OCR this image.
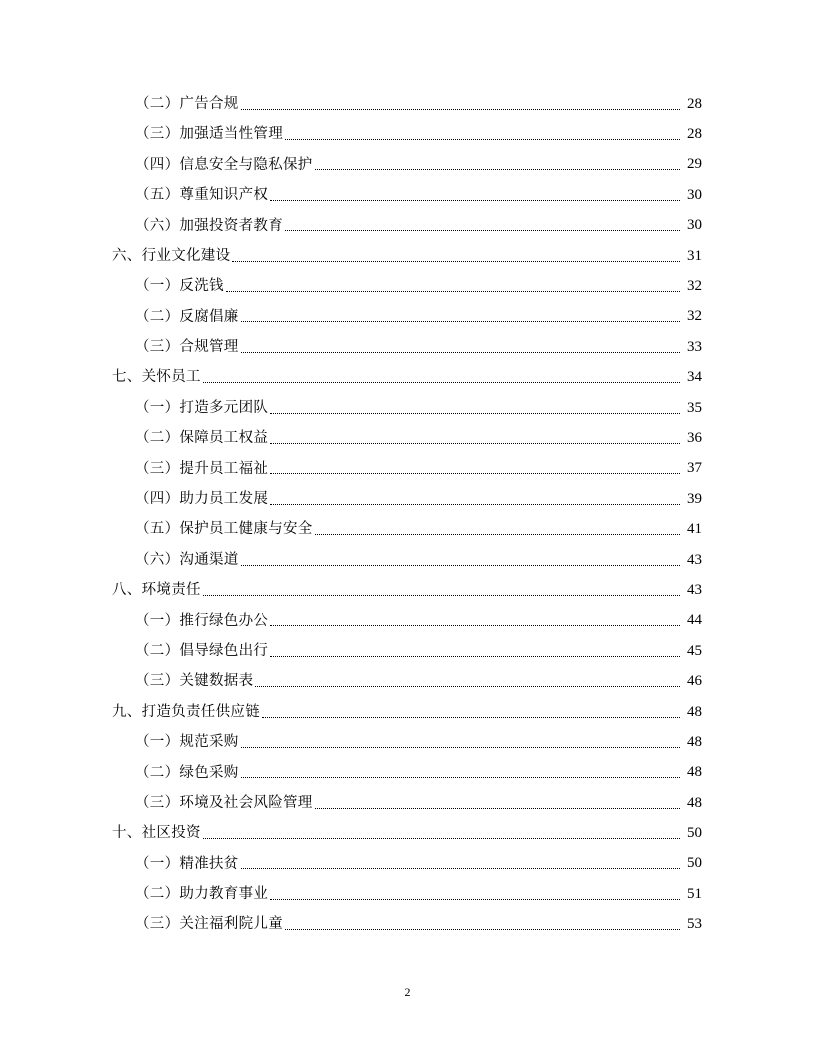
（二）广告合规	28
（三）加强适当性管理	28
（四）信息安全与隐私保护	29
（五）尊重知识产权	30
（六）加强投资者教育	30
六、行业文化建设	31
（一）反洗钱	32
（二）反腐倡廉	32
（三）合规管理	33
七、关怀员工	34
（一）打造多元团队	35
（二）保障员工权益	36
（三）提升员工福祉	37
（四）助力员工发展	39
（五）保护员工健康与安全	41
（六）沟通渠道	43
八、环境责任	43
（一）推行绿色办公	44
（二）倡导绿色出行	45
（三）关键数据表	46
九、打造负责任供应链	48
（一）规范采购	48
（二）绿色采购	48
（三）环境及社会风险管理	48
十、社区投资	50
（一）精准扶贫	50
（二）助力教育事业	51
（三）关注福利院儿童	53
2
